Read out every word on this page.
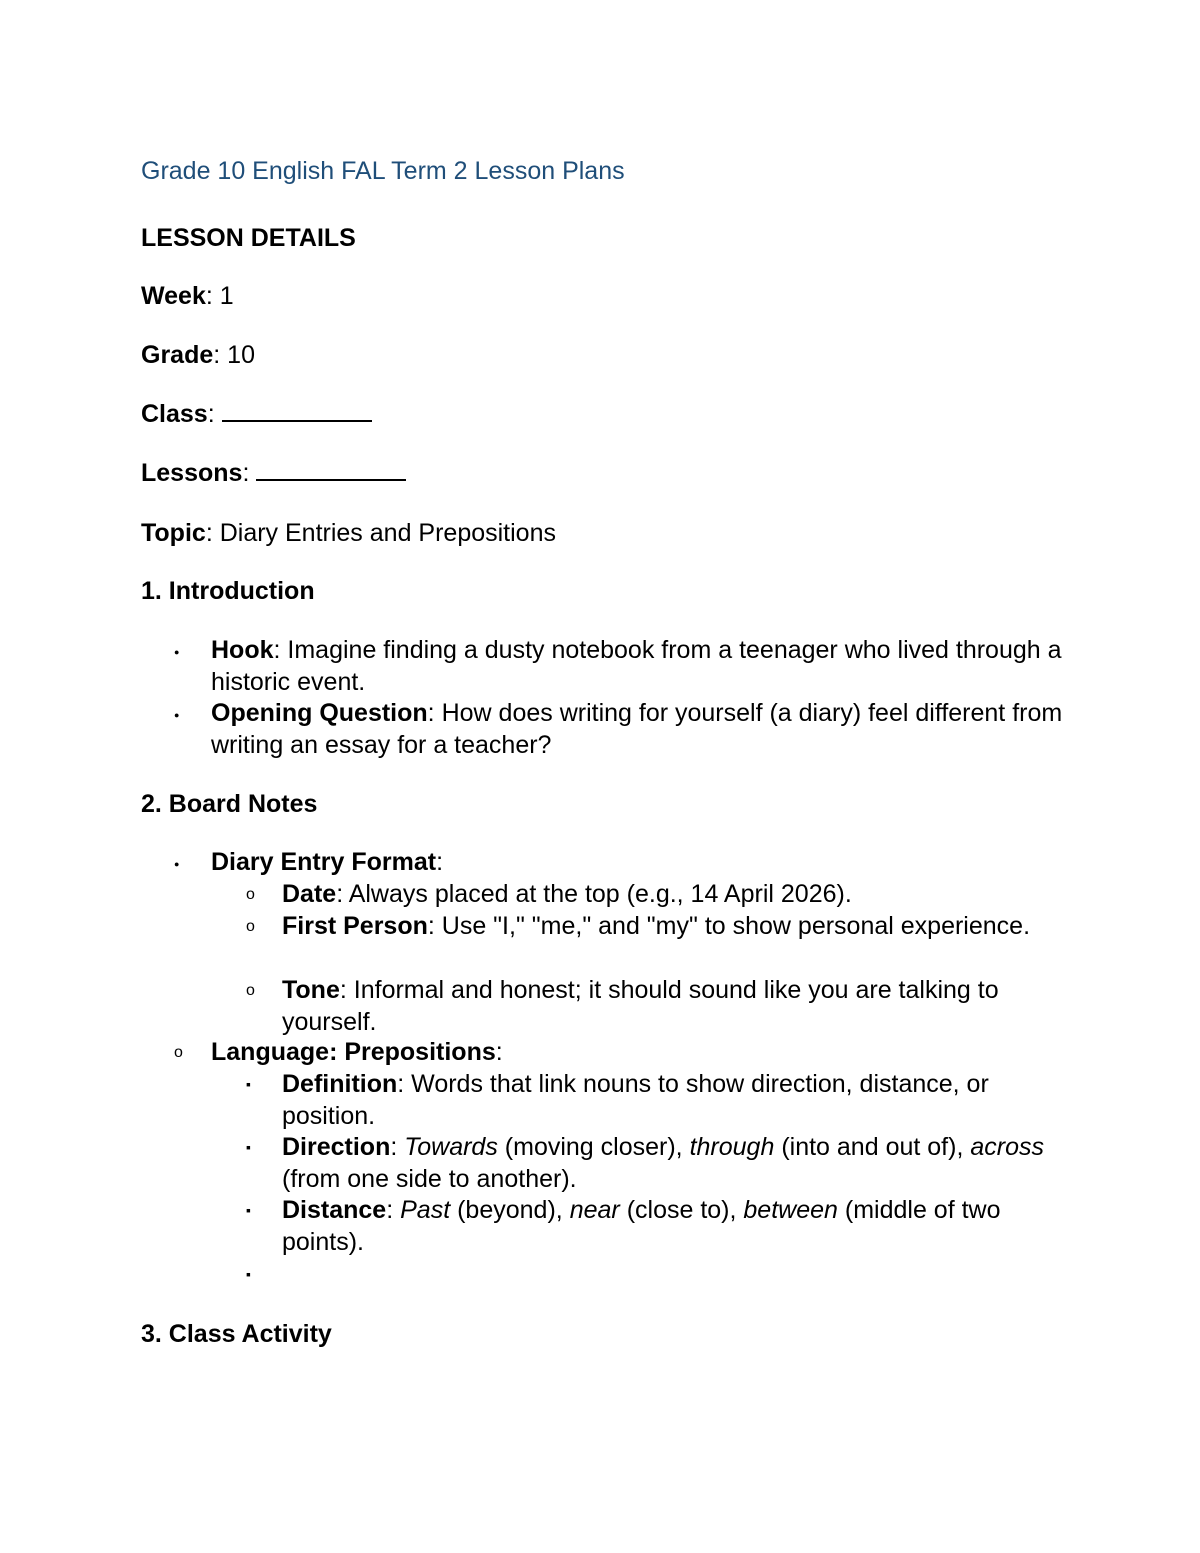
Grade 10 English FAL Term 2 Lesson Plans
LESSON DETAILS
Week: 1
Grade: 10
Class:
Lessons:
Topic: Diary Entries and Prepositions
1. Introduction
●
Hook: Imagine finding a dusty notebook from a teenager who lived through a historic event.
●
Opening Question: How does writing for yourself (a diary) feel different from writing an essay for a teacher?
2. Board Notes
●
Diary Entry Format:
o
Date: Always placed at the top (e.g., 14 April 2026).
o
First Person: Use "I," "me," and "my" to show personal experience.
o
Tone: Informal and honest; it should sound like you are talking to yourself.
o
Language: Prepositions:
▪
Definition: Words that link nouns to show direction, distance, or position.
▪
Direction: Towards (moving closer), through (into and out of), across (from one side to another).
▪
Distance: Past (beyond), near (close to), between (middle of two points).
▪
3. Class Activity
